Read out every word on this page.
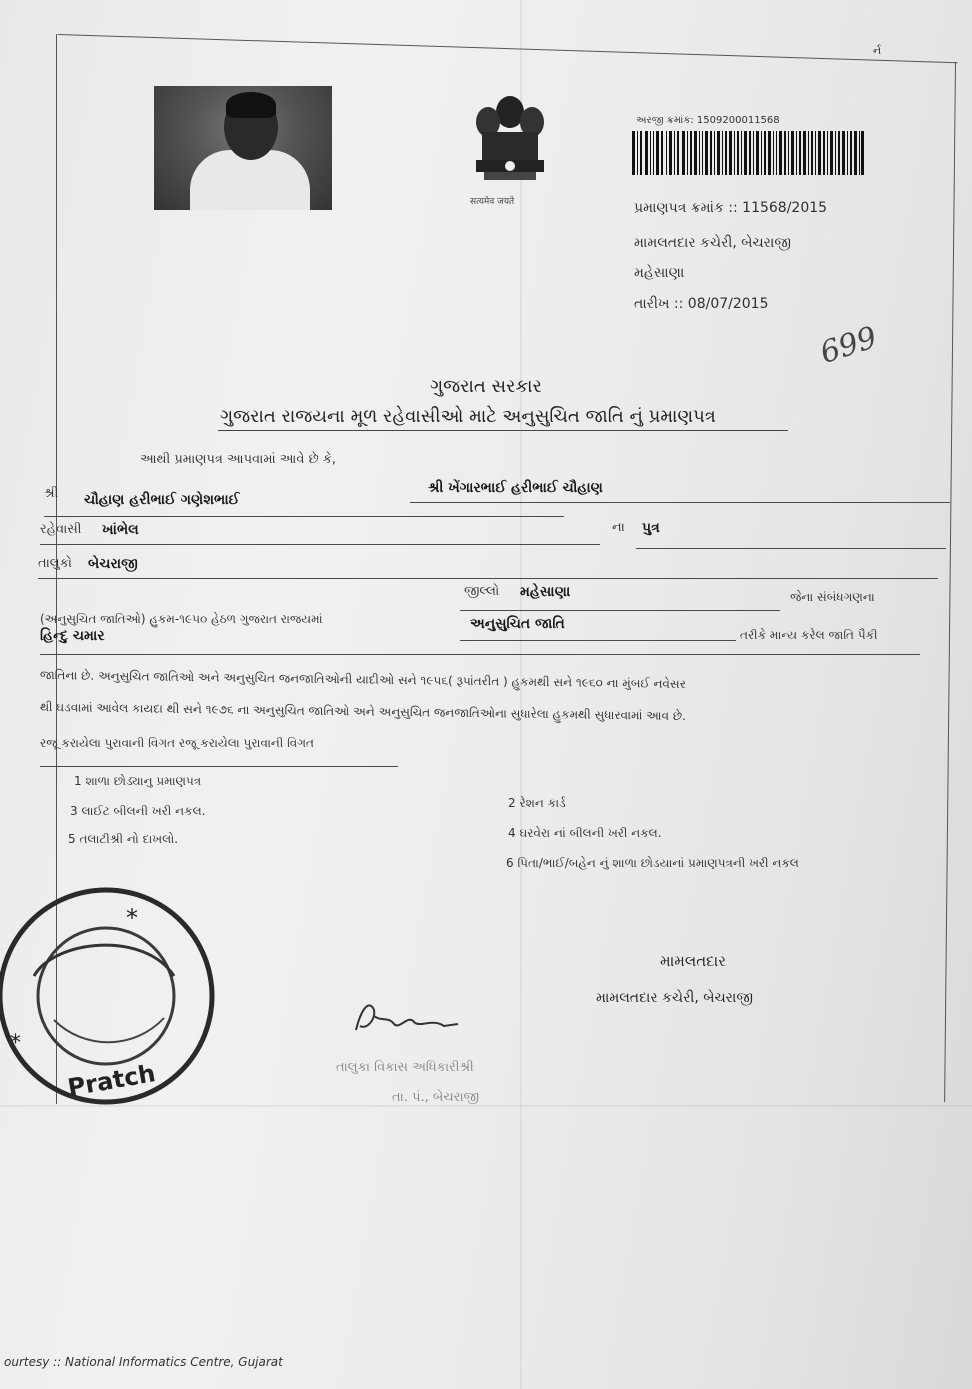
ર્ન
सत्यमेव जयते
અરજી ક્રમાંક: 1509200011568
પ્રમાણપત્ર ક્રમાંક :: 11568/2015
મામલતદાર કચેરી, બેચરાજી
મહેસાણા
તારીખ :: 08/07/2015
699
ગુજરાત સરકાર
ગુજરાત રાજયના મૂળ રહેવાસીઓ માટે અનુસુચિત જાતિ નું પ્રમાણપત્ર
આથી પ્રમાણપત્ર આપવામાં આવે છે કે,
શ્રી ખેંગારભાઈ હરીભાઈ ચૌહાણ
શ્રી ચૌહાણ હરીભાઈ ગણેશભાઈ
રહેવાસી ખાંભેલ	ના પુત્ર
તાલુકો બેચરાજી
જીલ્લો મહેસાણા	જેના સંબંધગણના
(અનુસુચિત જાતિઓ) હુકમ-૧૯૫૦ હેઠળ ગુજરાત રાજયમાં	અનુસુચિત જાતિ
તરીકે માન્ય કરેલ જાતિ પૈકી
હિન્દુ ચમાર
જાતિના છે. અનુસુચિત જાતિઓ અને અનુસુચિત જનજાતિઓની યાદીઓ સને ૧૯૫૬( રૂપાંતરીત ) હુકમથી સને ૧૯૬૦ ના મુંબઈ નવેસર
થી ઘડવામાં આવેલ કાયદા થી સને ૧૯૭૬ ના અનુસુચિત જાતિઓ અને અનુસુચિત જનજાતિઓના સુધારેલા હુકમથી સુધારવામાં આવ છે.
રજૂ કરાયેલા પુરાવાની વિગત રજૂ કરાયેલા પુરાવાની વિગત
1 શાળા છોડ્યાનુ પ્રમાણપત્ર
2 રેશન કાર્ડ
3 લાઈટ બીલની ખરી નકલ.
4 ઘરવેરા નાં બીલની ખરી નકલ.
5 તલાટીશ્રી નો દાખલો.
6 પિતા/ભાઈ/બહેન નું શાળા છોડયાનાં પ્રમાણપત્રની ખરી નકલ
મામલતદાર
મામલતદાર કચેરી, બેચરાજી
તાલુકા વિકાસ અધિકારીશ્રી
તા. પં., બેચરાજી
*
*
Pratch
ourtesy :: National Informatics Centre, Gujarat
